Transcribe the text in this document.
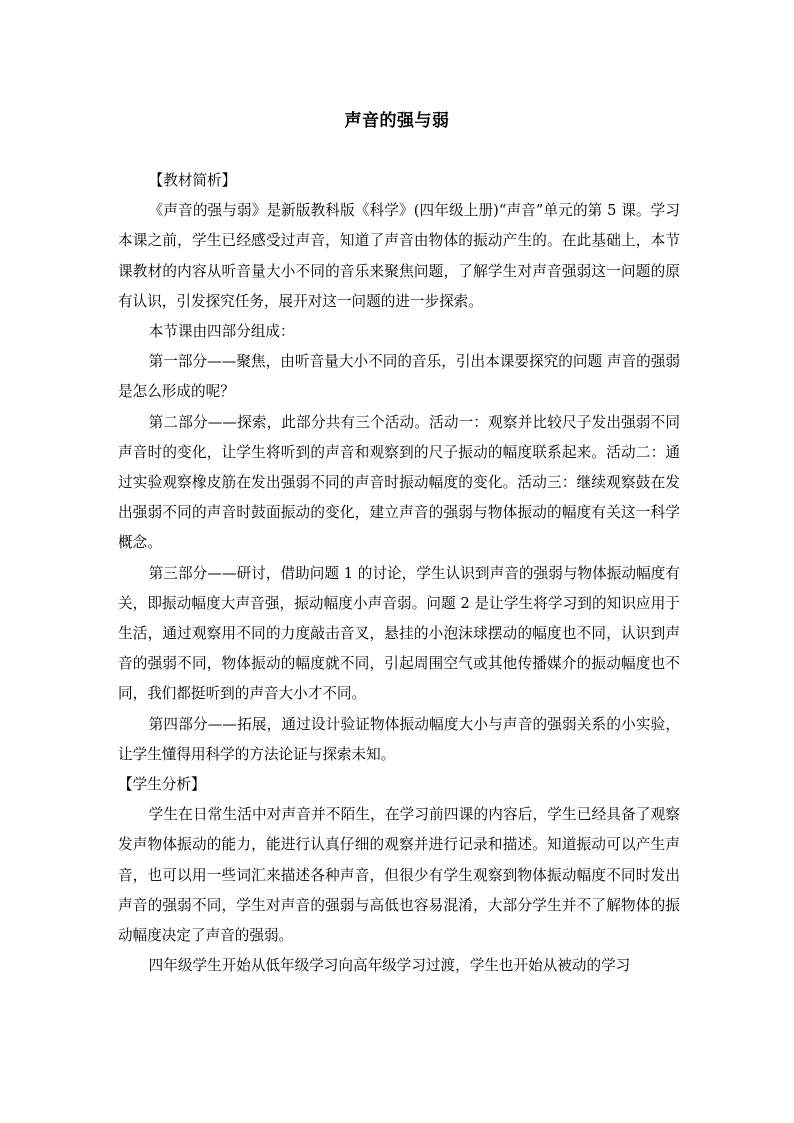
声音的强与弱
【教材简析】

《声音的强与弱》是新版教科版《科学》(四年级上册)“声音”单元的第 5 课。学习本课之前，学生已经感受过声音，知道了声音由物体的振动产生的。在此基础上，本节课教材的内容从听音量大小不同的音乐来聚焦问题，了解学生对声音强弱这一问题的原有认识，引发探究任务，展开对这一问题的进一步探索。

本节课由四部分组成：

第一部分——聚焦，由听音量大小不同的音乐，引出本课要探究的问题 声音的强弱是怎么形成的呢？

第二部分——探索，此部分共有三个活动。活动一：观察并比较尺子发出强弱不同声音时的变化，让学生将听到的声音和观察到的尺子振动的幅度联系起来。活动二：通过实验观察橡皮筋在发出强弱不同的声音时振动幅度的变化。活动三：继续观察鼓在发出强弱不同的声音时鼓面振动的变化，建立声音的强弱与物体振动的幅度有关这一科学概念。

第三部分——研讨，借助问题 1 的讨论，学生认识到声音的强弱与物体振动幅度有关，即振动幅度大声音强，振动幅度小声音弱。问题 2 是让学生将学习到的知识应用于生活，通过观察用不同的力度敲击音叉，悬挂的小泡沫球摆动的幅度也不同，认识到声音的强弱不同，物体振动的幅度就不同，引起周围空气或其他传播媒介的振动幅度也不同，我们都挺听到的声音大小才不同。

第四部分——拓展，通过设计验证物体振动幅度大小与声音的强弱关系的小实验，让学生懂得用科学的方法论证与探索未知。

【学生分析】

学生在日常生活中对声音并不陌生，在学习前四课的内容后，学生已经具备了观察发声物体振动的能力，能进行认真仔细的观察并进行记录和描述。知道振动可以产生声音，也可以用一些词汇来描述各种声音，但很少有学生观察到物体振动幅度不同时发出声音的强弱不同，学生对声音的强弱与高低也容易混淆，大部分学生并不了解物体的振动幅度决定了声音的强弱。

四年级学生开始从低年级学习向高年级学习过渡，学生也开始从被动的学习
